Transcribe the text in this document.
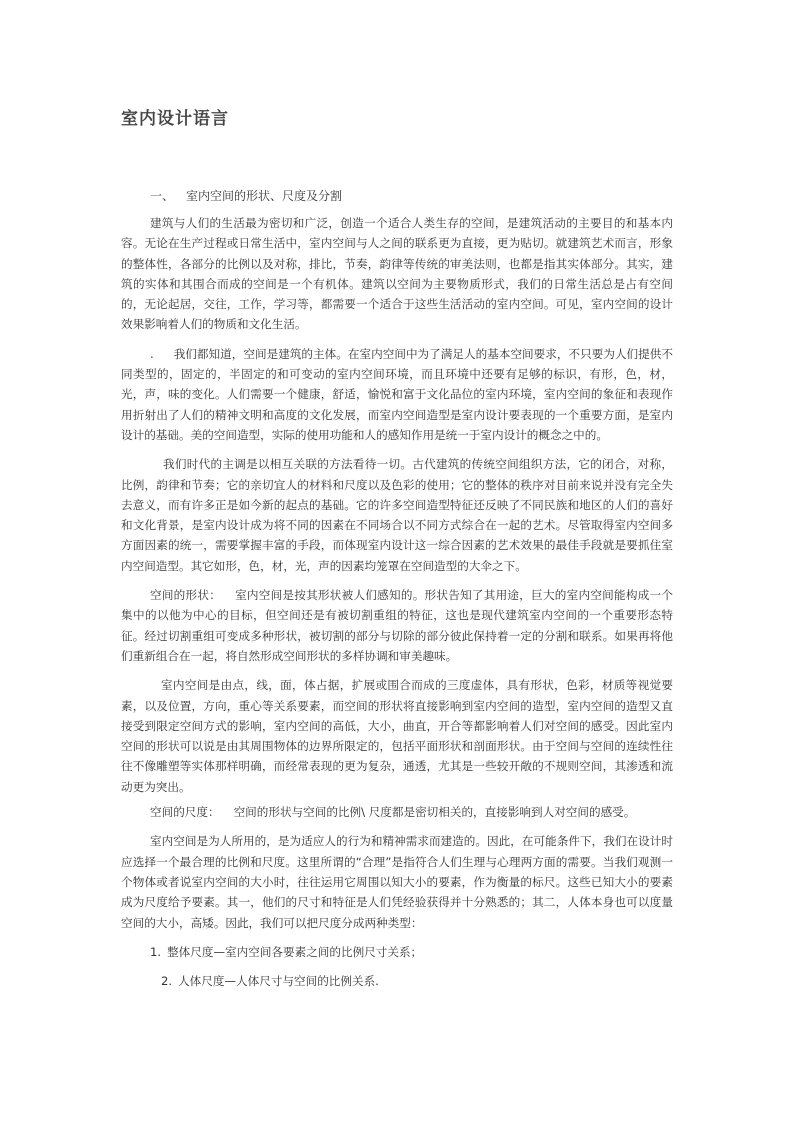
室内设计语言
一、 室内空间的形状、尺度及分割

建筑与人们的生活最为密切和广泛，创造一个适合人类生存的空间，是建筑活动的主要目的和基本内容。无论在生产过程或日常生活中，室内空间与人之间的联系更为直接，更为贴切。就建筑艺术而言，形象的整体性，各部分的比例以及对称，排比，节奏，韵律等传统的审美法则，也都是指其实体部分。其实，建筑的实体和其围合而成的空间是一个有机体。建筑以空间为主要物质形式，我们的日常生活总是占有空间的，无论起居，交往，工作，学习等，都需要一个适合于这些生活活动的室内空间。可见，室内空间的设计效果影响着人们的物质和文化生活。

. 我们都知道，空间是建筑的主体。在室内空间中为了满足人的基本空间要求，不只要为人们提供不同类型的，固定的，半固定的和可变动的室内空间环境，而且环境中还要有足够的标识，有形，色，材，光，声，味的变化。人们需要一个健康，舒适，愉悦和富于文化品位的室内环境，室内空间的象征和表现作用折射出了人们的精神文明和高度的文化发展，而室内空间造型是室内设计要表现的一个重要方面，是室内设计的基础。美的空间造型，实际的使用功能和人的感知作用是统一于室内设计的概念之中的。

我们时代的主调是以相互关联的方法看待一切。古代建筑的传统空间组织方法，它的闭合，对称，比例，韵律和节奏；它的亲切宜人的材料和尺度以及色彩的使用；它的整体的秩序对目前来说并没有完全失去意义，而有许多正是如今新的起点的基础。它的许多空间造型特征还反映了不同民族和地区的人们的喜好和文化背景，是室内设计成为将不同的因素在不同场合以不同方式综合在一起的艺术。尽管取得室内空间多方面因素的统一，需要掌握丰富的手段，而体现室内设计这一综合因素的艺术效果的最佳手段就是要抓住室内空间造型。其它如形，色，材，光，声的因素均笼罩在空间造型的大伞之下。

空间的形状： 室内空间是按其形状被人们感知的。形状告知了其用途，巨大的室内空间能构成一个集中的以他为中心的目标，但空间还是有被切割重组的特征，这也是现代建筑室内空间的一个重要形态特征。经过切割重组可变成多种形状，被切割的部分与切除的部分彼此保持着一定的分割和联系。如果再将他们重新组合在一起，将自然形成空间形状的多样协调和审美趣味。

室内空间是由点，线，面，体占据，扩展或围合而成的三度虚体，具有形状，色彩，材质等视觉要素，以及位置，方向，重心等关系要素，而空间的形状将直接影响到室内空间的造型，室内空间的造型又直接受到限定空间方式的影响，室内空间的高低，大小，曲直，开合等都影响着人们对空间的感受。因此室内空间的形状可以说是由其周围物体的边界所限定的，包括平面形状和剖面形状。由于空间与空间的连续性往往不像雕塑等实体那样明确，而经常表现的更为复杂，通透，尤其是一些较开敞的不规则空间，其渗透和流动更为突出。

空间的尺度： 空间的形状与空间的比例\ 尺度都是密切相关的，直接影响到人对空间的感受。

室内空间是为人所用的，是为适应人的行为和精神需求而建造的。因此，在可能条件下，我们在设计时应选择一个最合理的比例和尺度。这里所谓的“合理”是指符合人们生理与心理两方面的需要。当我们观测一个物体或者说室内空间的大小时，往往运用它周围以知大小的要素，作为衡量的标尺。这些已知大小的要素成为尺度给予要素。其一，他们的尺寸和特征是人们凭经验获得并十分熟悉的；其二，人体本身也可以度量空间的大小，高矮。因此，我们可以把尺度分成两种类型：

1. 整体尺度—室内空间各要素之间的比例尺寸关系；
2. 人体尺度—人体尺寸与空间的比例关系.
